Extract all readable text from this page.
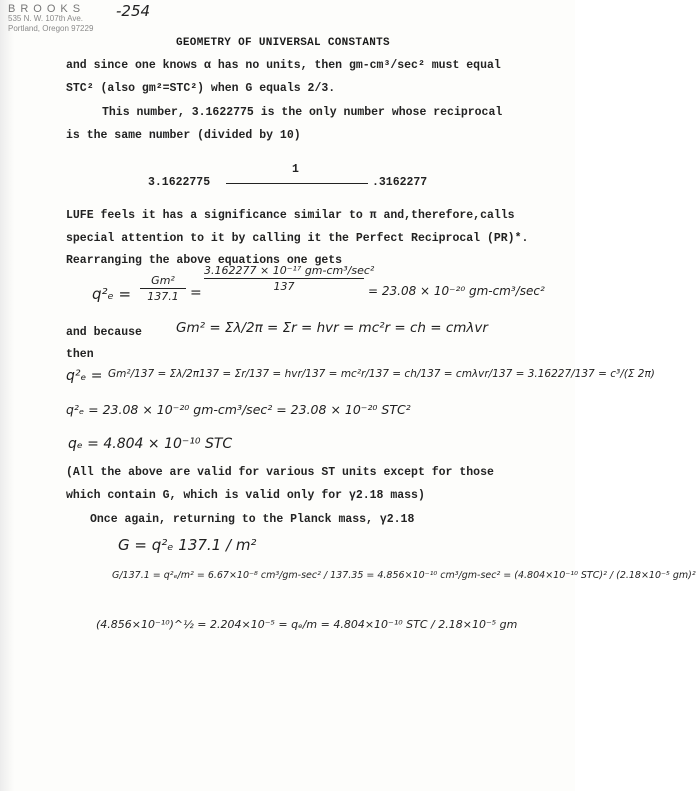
BROOKS
535 N. W. 107th Ave.
Portland, Oregon 97229
-254
GEOMETRY OF UNIVERSAL CONSTANTS
and since one knows α has no units, then gm-cm³/sec² must equal
STC² (also gm²=STC²) when G equals 2/3.
This number, 3.1622775 is the only number whose reciprocal
is the same number (divided by 10)
1
3.1622775	.3162277
LUFE feels it has a significance similar to π and,therefore,calls
special attention to it by calling it the Perfect Reciprocal (PR)*.
Rearranging the above equations one gets
q²ₑ =
Gm²
137.1 =
3.162277 × 10⁻¹⁷ gm-cm³/sec²
137	= 23.08 × 10⁻²⁰ gm-cm³/sec²
and because	Gm² = Σλ/2π = Σr = hvr = mc²r = ch = cmλvr
then
q²ₑ = Gm²/137 = Σλ/2π137 = Σr/137 = hvr/137 = mc²r/137 = ch/137 = cmλvr/137 = 3.16227/137 = c³/(Σ 2π)
q²ₑ = 23.08 × 10⁻²⁰ gm-cm³/sec² = 23.08 × 10⁻²⁰ STC²
qₑ = 4.804 × 10⁻¹⁰ STC
(All the above are valid for various ST units except for those
which contain G, which is valid only for γ2.18 mass)
Once again, returning to the Planck mass, γ2.18
G = q²ₑ 137.1 / m²
G/137.1 = q²ₑ/m² = 6.67×10⁻⁸ cm³/gm-sec² / 137.35 = 4.856×10⁻¹⁰ cm³/gm-sec² = (4.804×10⁻¹⁰ STC)² / (2.18×10⁻⁵ gm)²
(4.856×10⁻¹⁰)^½ = 2.204×10⁻⁵ = qₑ/m = 4.804×10⁻¹⁰ STC / 2.18×10⁻⁵ gm
